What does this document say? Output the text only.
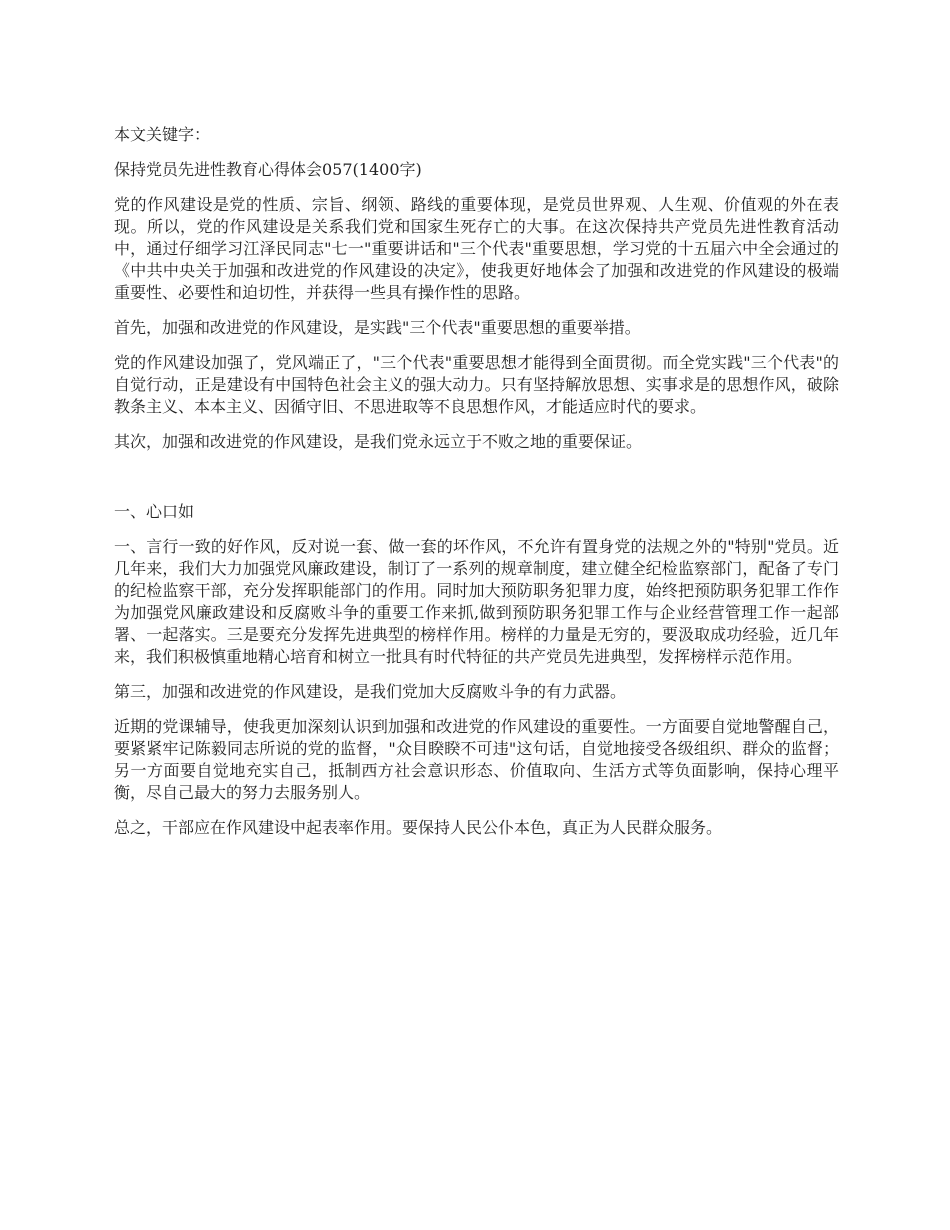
本文关键字：

保持党员先进性教育心得体会057(1400字)

党的作风建设是党的性质、宗旨、纲领、路线的重要体现，是党员世界观、人生观、价值观的外在表现。所以，党的作风建设是关系我们党和国家生死存亡的大事。在这次保持共产党员先进性教育活动中，通过仔细学习江泽民同志"七一"重要讲话和"三个代表"重要思想，学习党的十五届六中全会通过的《中共中央关于加强和改进党的作风建设的决定》，使我更好地体会了加强和改进党的作风建设的极端重要性、必要性和迫切性，并获得一些具有操作性的思路。

首先，加强和改进党的作风建设，是实践"三个代表"重要思想的重要举措。

党的作风建设加强了，党风端正了，"三个代表"重要思想才能得到全面贯彻。而全党实践"三个代表"的自觉行动，正是建设有中国特色社会主义的强大动力。只有坚持解放思想、实事求是的思想作风，破除教条主义、本本主义、因循守旧、不思进取等不良思想作风，才能适应时代的要求。

其次，加强和改进党的作风建设，是我们党永远立于不败之地的重要保证。

一、心口如

一、言行一致的好作风，反对说一套、做一套的坏作风，不允许有置身党的法规之外的"特别"党员。近几年来，我们大力加强党风廉政建设，制订了一系列的规章制度，建立健全纪检监察部门，配备了专门的纪检监察干部，充分发挥职能部门的作用。同时加大预防职务犯罪力度，始终把预防职务犯罪工作作为加强党风廉政建设和反腐败斗争的重要工作来抓,做到预防职务犯罪工作与企业经营管理工作一起部署、一起落实。三是要充分发挥先进典型的榜样作用。榜样的力量是无穷的，要汲取成功经验，近几年来，我们积极慎重地精心培育和树立一批具有时代特征的共产党员先进典型，发挥榜样示范作用。

第三，加强和改进党的作风建设，是我们党加大反腐败斗争的有力武器。

近期的党课辅导，使我更加深刻认识到加强和改进党的作风建设的重要性。一方面要自觉地警醒自己，要紧紧牢记陈毅同志所说的党的监督，"众目睽睽不可违"这句话，自觉地接受各级组织、群众的监督；另一方面要自觉地充实自己，抵制西方社会意识形态、价值取向、生活方式等负面影响，保持心理平衡，尽自己最大的努力去服务别人。

总之，干部应在作风建设中起表率作用。要保持人民公仆本色，真正为人民群众服务。
